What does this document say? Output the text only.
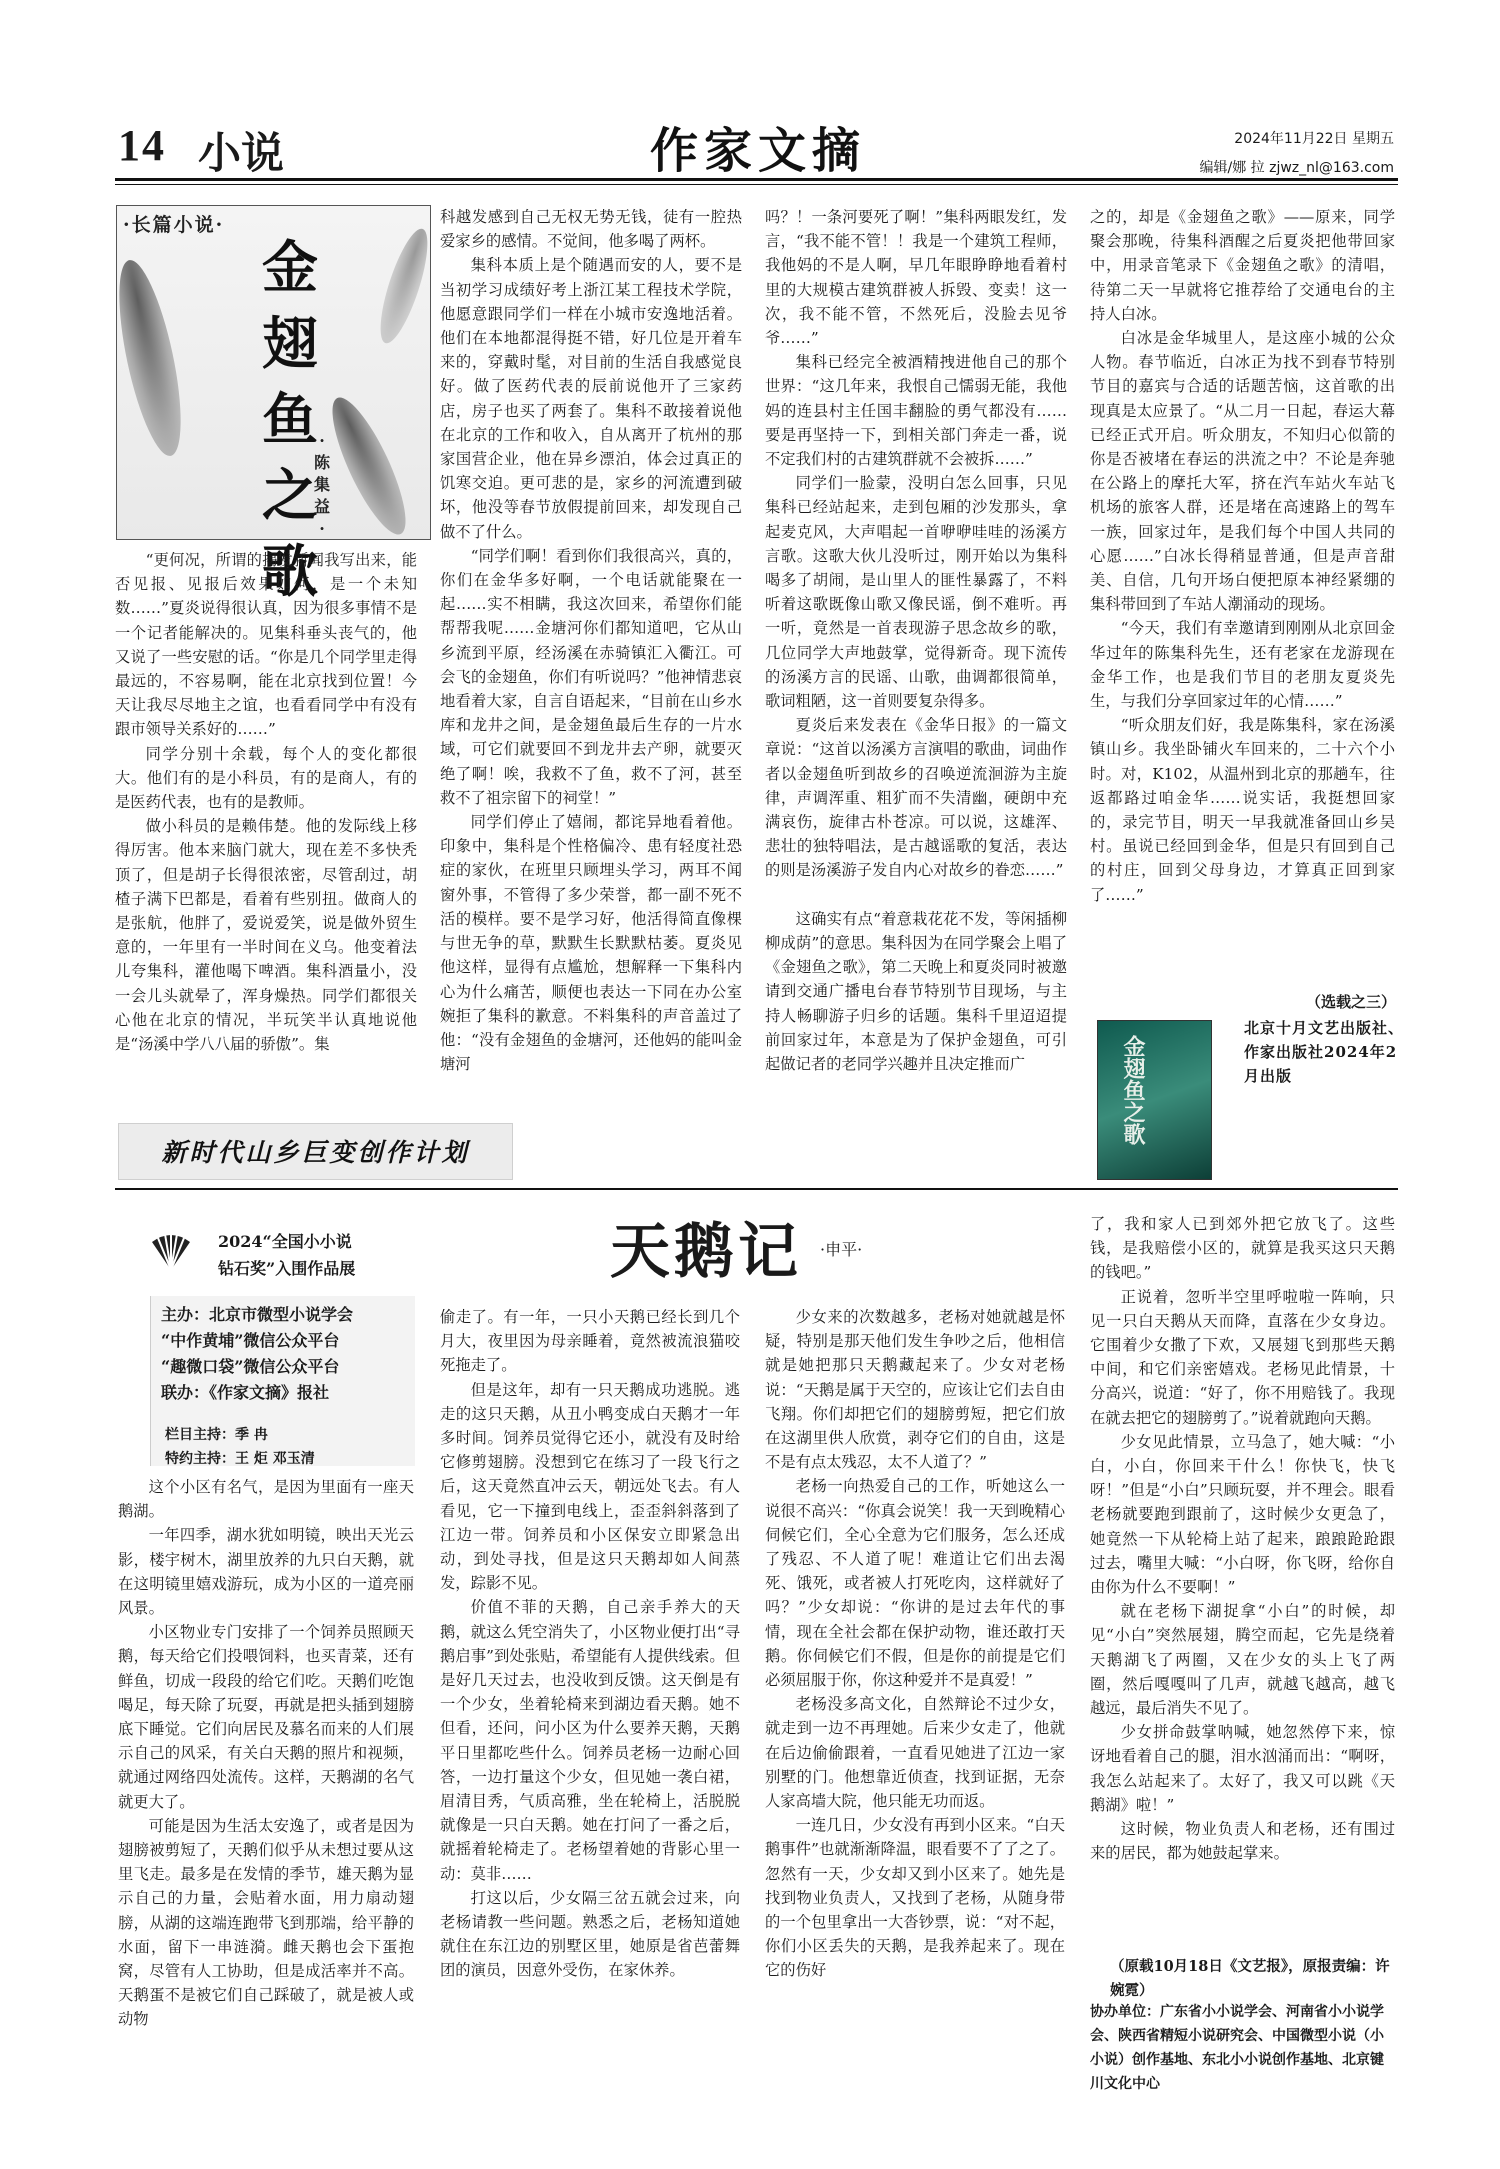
14 小说	作家文摘	2024年11月22日 星期五
编辑/娜 拉 zjwz_nl@163.com
·长篇小说·
金翅鱼之歌
·陈集益·

“更何况，所谓的揭发新闻我写出来，能否见报、见报后效果如何，是一个未知数……”夏炎说得很认真，因为很多事情不是一个记者能解决的。见集科垂头丧气的，他又说了一些安慰的话。“你是几个同学里走得最远的，不容易啊，能在北京找到位置！今天让我尽尽地主之谊，也看看同学中有没有跟市领导关系好的……”

同学分别十余载，每个人的变化都很大。他们有的是小科员，有的是商人，有的是医药代表，也有的是教师。

做小科员的是赖伟楚。他的发际线上移得厉害。他本来脑门就大，现在差不多快秃顶了，但是胡子长得很浓密，尽管刮过，胡楂子满下巴都是，看着有些别扭。做商人的是张航，他胖了，爱说爱笑，说是做外贸生意的，一年里有一半时间在义乌。他变着法儿夸集科，灌他喝下啤酒。集科酒量小，没一会儿头就晕了，浑身燥热。同学们都很关心他在北京的情况，半玩笑半认真地说他是“汤溪中学八八届的骄傲”。集

科越发感到自己无权无势无钱，徒有一腔热爱家乡的感情。不觉间，他多喝了两杯。

集科本质上是个随遇而安的人，要不是当初学习成绩好考上浙江某工程技术学院，他愿意跟同学们一样在小城市安逸地活着。他们在本地都混得挺不错，好几位是开着车来的，穿戴时髦，对目前的生活自我感觉良好。做了医药代表的辰前说他开了三家药店，房子也买了两套了。集科不敢接着说他在北京的工作和收入，自从离开了杭州的那家国营企业，他在异乡漂泊，体会过真正的饥寒交迫。更可悲的是，家乡的河流遭到破坏，他没等春节放假提前回来，却发现自己做不了什么。

“同学们啊！看到你们我很高兴，真的，你们在金华多好啊，一个电话就能聚在一起……实不相瞒，我这次回来，希望你们能帮帮我呢……金塘河你们都知道吧，它从山乡流到平原，经汤溪在赤骑镇汇入衢江。可会飞的金翅鱼，你们有听说吗？”他神情悲哀地看着大家，自言自语起来，“目前在山乡水库和龙井之间，是金翅鱼最后生存的一片水域，可它们就要回不到龙井去产卵，就要灭绝了啊！唉，我救不了鱼，救不了河，甚至救不了祖宗留下的祠堂！”

同学们停止了嬉闹，都诧异地看着他。印象中，集科是个性格偏冷、患有轻度社恐症的家伙，在班里只顾埋头学习，两耳不闻窗外事，不管得了多少荣誉，都一副不死不活的模样。要不是学习好，他活得简直像棵与世无争的草，默默生长默默枯萎。夏炎见他这样，显得有点尴尬，想解释一下集科内心为什么痛苦，顺便也表达一下同在办公室婉拒了集科的歉意。不料集科的声音盖过了他：“没有金翅鱼的金塘河，还他妈的能叫金塘河

吗？！一条河要死了啊！”集科两眼发红，发言，“我不能不管！！我是一个建筑工程师，我他妈的不是人啊，早几年眼睁睁地看着村里的大规模古建筑群被人拆毁、变卖！这一次，我不能不管，不然死后，没脸去见爷爷……”

集科已经完全被酒精拽进他自己的那个世界：“这几年来，我恨自己懦弱无能，我他妈的连县村主任国丰翻脸的勇气都没有……要是再坚持一下，到相关部门奔走一番，说不定我们村的古建筑群就不会被拆……”

同学们一脸蒙，没明白怎么回事，只见集科已经站起来，走到包厢的沙发那头，拿起麦克风，大声唱起一首咿咿哇哇的汤溪方言歌。这歌大伙儿没听过，刚开始以为集科喝多了胡闹，是山里人的匪性暴露了，不料听着这歌既像山歌又像民谣，倒不难听。再一听，竟然是一首表现游子思念故乡的歌，几位同学大声地鼓掌，觉得新奇。现下流传的汤溪方言的民谣、山歌，曲调都很简单，歌词粗陋，这一首则要复杂得多。

夏炎后来发表在《金华日报》的一篇文章说：“这首以汤溪方言演唱的歌曲，词曲作者以金翅鱼听到故乡的召唤逆流洄游为主旋律，声调浑重、粗犷而不失清幽，硬朗中充满哀伤，旋律古朴苍凉。可以说，这雄浑、悲壮的独特唱法，是古越谣歌的复活，表达的则是汤溪游子发自内心对故乡的眷恋……”

这确实有点“着意栽花花不发，等闲插柳柳成荫”的意思。集科因为在同学聚会上唱了《金翅鱼之歌》，第二天晚上和夏炎同时被邀请到交通广播电台春节特别节目现场，与主持人畅聊游子归乡的话题。集科千里迢迢提前回家过年，本意是为了保护金翅鱼，可引起做记者的老同学兴趣并且决定推而广

之的，却是《金翅鱼之歌》——原来，同学聚会那晚，待集科酒醒之后夏炎把他带回家中，用录音笔录下《金翅鱼之歌》的清唱，待第二天一早就将它推荐给了交通电台的主持人白冰。

白冰是金华城里人，是这座小城的公众人物。春节临近，白冰正为找不到春节特别节目的嘉宾与合适的话题苦恼，这首歌的出现真是太应景了。“从二月一日起，春运大幕已经正式开启。听众朋友，不知归心似箭的你是否被堵在春运的洪流之中？不论是奔驰在公路上的摩托大军，挤在汽车站火车站飞机场的旅客人群，还是堵在高速路上的驾车一族，回家过年，是我们每个中国人共同的心愿……”白冰长得稍显普通，但是声音甜美、自信，几句开场白便把原本神经紧绷的集科带回到了车站人潮涌动的现场。

“今天，我们有幸邀请到刚刚从北京回金华过年的陈集科先生，还有老家在龙游现在金华工作，也是我们节目的老朋友夏炎先生，与我们分享回家过年的心情……”

“听众朋友们好，我是陈集科，家在汤溪镇山乡。我坐卧铺火车回来的，二十六个小时。对，K102，从温州到北京的那趟车，往返都路过咱金华……说实话，我挺想回家的，录完节目，明天一早我就准备回山乡吴村。虽说已经回到金华，但是只有回到自己的村庄，回到父母身边，才算真正回到家了……”

（选载之三）
金翅鱼之歌
北京十月文艺出版社、作家出版社2024年2月出版
新时代山乡巨变创作计划
2024“全国小小说
钻石奖”入围作品展
主办：北京市微型小说学会
“中作黄埔”微信公众平台
“趣微口袋”微信公众平台
联办：《作家文摘》报社
栏目主持：季 冉
特约主持：王 炬 邓玉清
天鹅记 ·申平·

这个小区有名气，是因为里面有一座天鹅湖。

一年四季，湖水犹如明镜，映出天光云影，楼宇树木，湖里放养的九只白天鹅，就在这明镜里嬉戏游玩，成为小区的一道亮丽风景。

小区物业专门安排了一个饲养员照顾天鹅，每天给它们投喂饲料，也买青菜，还有鲜鱼，切成一段段的给它们吃。天鹅们吃饱喝足，每天除了玩耍，再就是把头插到翅膀底下睡觉。它们向居民及慕名而来的人们展示自己的风采，有关白天鹅的照片和视频，就通过网络四处流传。这样，天鹅湖的名气就更大了。

可能是因为生活太安逸了，或者是因为翅膀被剪短了，天鹅们似乎从未想过要从这里飞走。最多是在发情的季节，雄天鹅为显示自己的力量，会贴着水面，用力扇动翅膀，从湖的这端连跑带飞到那端，给平静的水面，留下一串涟漪。雌天鹅也会下蛋抱窝，尽管有人工协助，但是成活率并不高。天鹅蛋不是被它们自己踩破了，就是被人或动物

偷走了。有一年，一只小天鹅已经长到几个月大，夜里因为母亲睡着，竟然被流浪猫咬死拖走了。

但是这年，却有一只天鹅成功逃脱。逃走的这只天鹅，从丑小鸭变成白天鹅才一年多时间。饲养员觉得它还小，就没有及时给它修剪翅膀。没想到它在练习了一段飞行之后，这天竟然直冲云天，朝远处飞去。有人看见，它一下撞到电线上，歪歪斜斜落到了江边一带。饲养员和小区保安立即紧急出动，到处寻找，但是这只天鹅却如人间蒸发，踪影不见。

价值不菲的天鹅，自己亲手养大的天鹅，就这么凭空消失了，小区物业便打出“寻鹅启事”到处张贴，希望能有人提供线索。但是好几天过去，也没收到反馈。这天倒是有一个少女，坐着轮椅来到湖边看天鹅。她不但看，还问，问小区为什么要养天鹅，天鹅平日里都吃些什么。饲养员老杨一边耐心回答，一边打量这个少女，但见她一袭白裙，眉清目秀，气质高雅，坐在轮椅上，活脱脱就像是一只白天鹅。她在打问了一番之后，就摇着轮椅走了。老杨望着她的背影心里一动：莫非……

打这以后，少女隔三岔五就会过来，向老杨请教一些问题。熟悉之后，老杨知道她就住在东江边的别墅区里，她原是省芭蕾舞团的演员，因意外受伤，在家休养。

少女来的次数越多，老杨对她就越是怀疑，特别是那天他们发生争吵之后，他相信就是她把那只天鹅藏起来了。少女对老杨说：“天鹅是属于天空的，应该让它们去自由飞翔。你们却把它们的翅膀剪短，把它们放在这湖里供人欣赏，剥夺它们的自由，这是不是有点太残忍，太不人道了？”

老杨一向热爱自己的工作，听她这么一说很不高兴：“你真会说笑！我一天到晚精心伺候它们，全心全意为它们服务，怎么还成了残忍、不人道了呢！难道让它们出去渴死、饿死，或者被人打死吃肉，这样就好了吗？”少女却说：“你讲的是过去年代的事情，现在全社会都在保护动物，谁还敢打天鹅。你伺候它们不假，但是你的前提是它们必须屈服于你，你这种爱并不是真爱！”

老杨没多高文化，自然辩论不过少女，就走到一边不再理她。后来少女走了，他就在后边偷偷跟着，一直看见她进了江边一家别墅的门。他想靠近侦查，找到证据，无奈人家高墙大院，他只能无功而返。

一连几日，少女没有再到小区来。“白天鹅事件”也就渐渐降温，眼看要不了了之了。忽然有一天，少女却又到小区来了。她先是找到物业负责人，又找到了老杨，从随身带的一个包里拿出一大沓钞票，说：“对不起，你们小区丢失的天鹅，是我养起来了。现在它的伤好

了，我和家人已到郊外把它放飞了。这些钱，是我赔偿小区的，就算是我买这只天鹅的钱吧。”

正说着，忽听半空里呼啦啦一阵响，只见一只白天鹅从天而降，直落在少女身边。它围着少女撒了下欢，又展翅飞到那些天鹅中间，和它们亲密嬉戏。老杨见此情景，十分高兴，说道：“好了，你不用赔钱了。我现在就去把它的翅膀剪了。”说着就跑向天鹅。

少女见此情景，立马急了，她大喊：“小白，小白，你回来干什么！你快飞，快飞呀！”但是“小白”只顾玩耍，并不理会。眼看老杨就要跑到跟前了，这时候少女更急了，她竟然一下从轮椅上站了起来，踉踉跄跄跟过去，嘴里大喊：“小白呀，你飞呀，给你自由你为什么不要啊！”

就在老杨下湖捉拿“小白”的时候，却见“小白”突然展翅，腾空而起，它先是绕着天鹅湖飞了两圈，又在少女的头上飞了两圈，然后嘎嘎叫了几声，就越飞越高，越飞越远，最后消失不见了。

少女拼命鼓掌呐喊，她忽然停下来，惊讶地看着自己的腿，泪水汹涌而出：“啊呀，我怎么站起来了。太好了，我又可以跳《天鹅湖》啦！”

这时候，物业负责人和老杨，还有围过来的居民，都为她鼓起掌来。

（原载10月18日《文艺报》，原报责编：许婉霓）
协办单位：广东省小小说学会、河南省小小说学会、陕西省精短小说研究会、中国微型小说（小小说）创作基地、东北小小说创作基地、北京键川文化中心
